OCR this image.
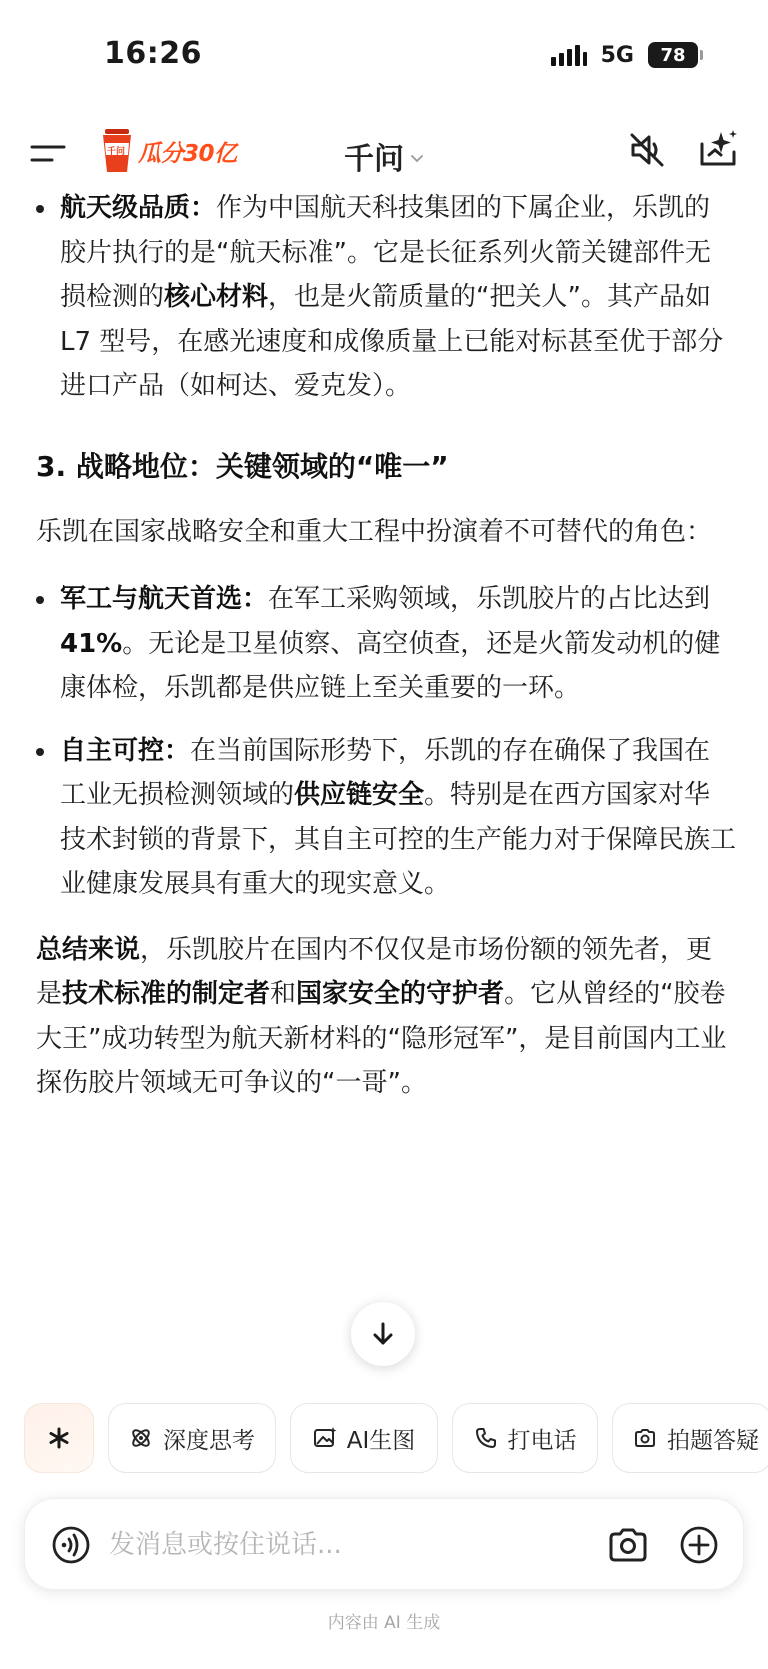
16:26	5G 78
千问 瓜分30亿	千问
航天级品质：作为中国航天科技集团的下属企业，乐凯的胶片执行的是“航天标准”。它是长征系列火箭关键部件无损检测的核心材料，也是火箭质量的“把关人”。其产品如 L7 型号，在感光速度和成像质量上已能对标甚至优于部分进口产品（如柯达、爱克发）。
3. 战略地位：关键领域的“唯一”
乐凯在国家战略安全和重大工程中扮演着不可替代的角色：
军工与航天首选：在军工采购领域，乐凯胶片的占比达到 41%。无论是卫星侦察、高空侦查，还是火箭发动机的健康体检，乐凯都是供应链上至关重要的一环。
自主可控：在当前国际形势下，乐凯的存在确保了我国在工业无损检测领域的供应链安全。特别是在西方国家对华技术封锁的背景下，其自主可控的生产能力对于保障民族工业健康发展具有重大的现实意义。
总结来说，乐凯胶片在国内不仅仅是市场份额的领先者，更是技术标准的制定者和国家安全的守护者。它从曾经的“胶卷大王”成功转型为航天新材料的“隐形冠军”，是目前国内工业探伤胶片领域无可争议的“一哥”。
深度思考	AI生图	打电话	拍题答疑
发消息或按住说话...
内容由 AI 生成
